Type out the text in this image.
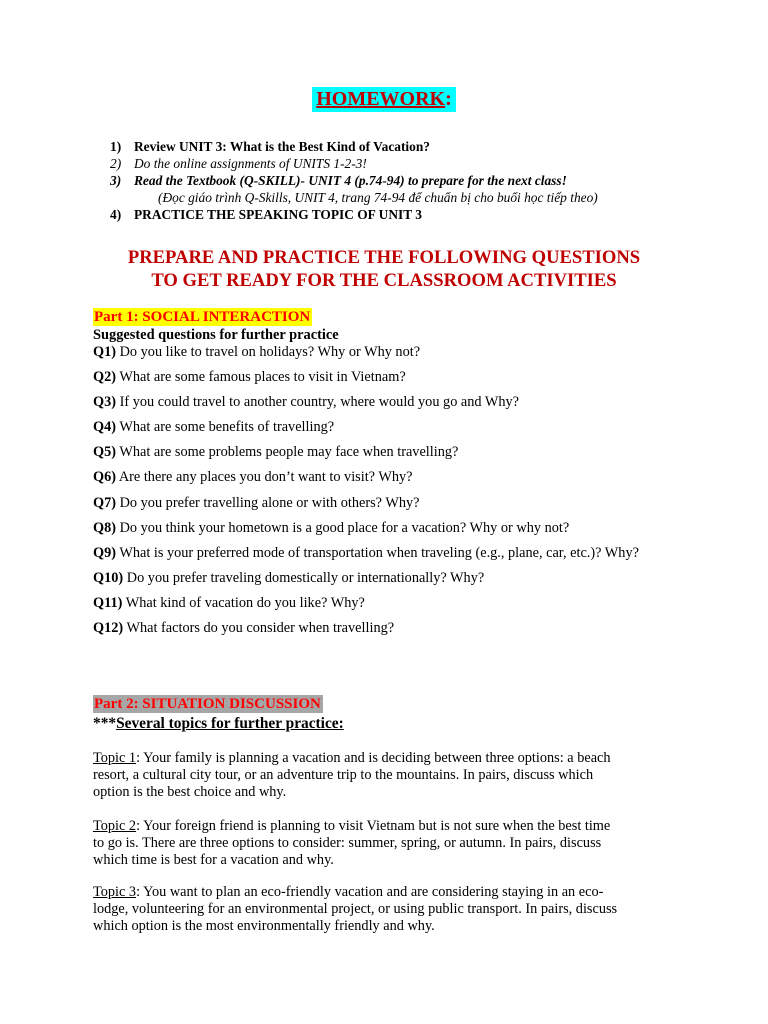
HOMEWORK:
1) Review UNIT 3: What is the Best Kind of Vacation?
2) Do the online assignments of UNITS 1-2-3!
3) Read the Textbook (Q-SKILL)- UNIT 4 (p.74-94) to prepare for the next class!
(Đọc giáo trình Q-Skills, UNIT 4, trang 74-94 để chuẩn bị cho buổi học tiếp theo)
4) PRACTICE THE SPEAKING TOPIC OF UNIT 3
PREPARE AND PRACTICE THE FOLLOWING QUESTIONS
TO GET READY FOR THE CLASSROOM ACTIVITIES
Part 1: SOCIAL INTERACTION
Suggested questions for further practice
Q1) Do you like to travel on holidays? Why or Why not?
Q2) What are some famous places to visit in Vietnam?
Q3) If you could travel to another country, where would you go and Why?
Q4) What are some benefits of travelling?
Q5) What are some problems people may face when travelling?
Q6) Are there any places you don’t want to visit? Why?
Q7) Do you prefer travelling alone or with others? Why?
Q8) Do you think your hometown is a good place for a vacation? Why or why not?
Q9) What is your preferred mode of transportation when traveling (e.g., plane, car, etc.)? Why?
Q10) Do you prefer traveling domestically or internationally? Why?
Q11) What kind of vacation do you like? Why?
Q12) What factors do you consider when travelling?
Part 2: SITUATION DISCUSSION
***Several topics for further practice:
Topic 1: Your family is planning a vacation and is deciding between three options: a beach
resort, a cultural city tour, or an adventure trip to the mountains. In pairs, discuss which
option is the best choice and why.
Topic 2: Your foreign friend is planning to visit Vietnam but is not sure when the best time
to go is. There are three options to consider: summer, spring, or autumn. In pairs, discuss
which time is best for a vacation and why.
Topic 3: You want to plan an eco-friendly vacation and are considering staying in an eco-
lodge, volunteering for an environmental project, or using public transport. In pairs, discuss
which option is the most environmentally friendly and why.
